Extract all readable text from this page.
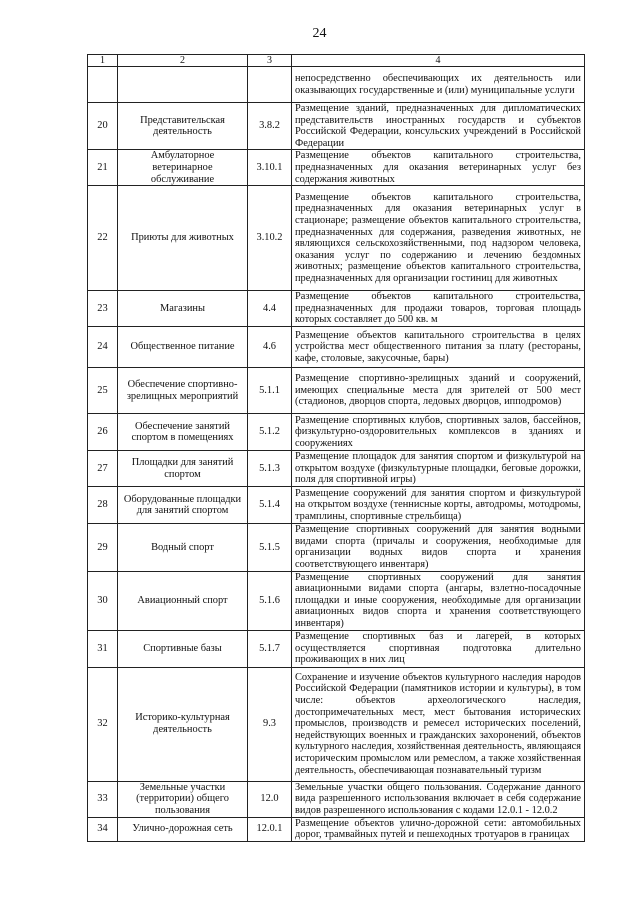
24
1	2	3	4
			непосредственно обеспечивающих их деятельность или оказывающих государственные и (или) муниципальные услуги
20	Представительская деятельность	3.8.2	Размещение зданий, предназначенных для дипломатических представительств иностранных государств и субъектов Российской Федерации, консульских учреждений в Российской Федерации
21	Амбулаторное ветеринарное обслуживание	3.10.1	Размещение объектов капитального строительства, предназначенных для оказания ветеринарных услуг без содержания животных
22	Приюты для животных	3.10.2	Размещение объектов капитального строительства, предназначенных для оказания ветеринарных услуг в стационаре; размещение объектов капитального строительства, предназначенных для содержания, разведения животных, не являющихся сельскохозяйственными, под надзором человека, оказания услуг по содержанию и лечению бездомных животных; размещение объектов капитального строительства, предназначенных для организации гостиниц для животных
23	Магазины	4.4	Размещение объектов капитального строительства, предназначенных для продажи товаров, торговая площадь которых составляет до 500 кв. м
24	Общественное питание	4.6	Размещение объектов капитального строительства в целях устройства мест общественного питания за плату (рестораны, кафе, столовые, закусочные, бары)
25	Обеспечение спортивно-зрелищных мероприятий	5.1.1	Размещение спортивно-зрелищных зданий и сооружений, имеющих специальные места для зрителей от 500 мест (стадионов, дворцов спорта, ледовых дворцов, ипподромов)
26	Обеспечение занятий спортом в помещениях	5.1.2	Размещение спортивных клубов, спортивных залов, бассейнов, физкультурно-оздоровительных комплексов в зданиях и сооружениях
27	Площадки для занятий спортом	5.1.3	Размещение площадок для занятия спортом и физкультурой на открытом воздухе (физкультурные площадки, беговые дорожки, поля для спортивной игры)
28	Оборудованные площадки для занятий спортом	5.1.4	Размещение сооружений для занятия спортом и физкультурой на открытом воздухе (теннисные корты, автодромы, мотодромы, трамплины, спортивные стрельбища)
29	Водный спорт	5.1.5	Размещение спортивных сооружений для занятия водными видами спорта (причалы и сооружения, необходимые для организации водных видов спорта и хранения соответствующего инвентаря)
30	Авиационный спорт	5.1.6	Размещение спортивных сооружений для занятия авиационными видами спорта (ангары, взлетно-посадочные площадки и иные сооружения, необходимые для организации авиационных видов спорта и хранения соответствующего инвентаря)
31	Спортивные базы	5.1.7	Размещение спортивных баз и лагерей, в которых осуществляется спортивная подготовка длительно проживающих в них лиц
32	Историко-культурная деятельность	9.3	Сохранение и изучение объектов культурного наследия народов Российской Федерации (памятников истории и культуры), в том числе: объектов археологического наследия, достопримечательных мест, мест бытования исторических промыслов, производств и ремесел исторических поселений, недействующих военных и гражданских захоронений, объектов культурного наследия, хозяйственная деятельность, являющаяся историческим промыслом или ремеслом, а также хозяйственная деятельность, обеспечивающая познавательный туризм
33	Земельные участки (территории) общего пользования	12.0	Земельные участки общего пользования. Содержание данного вида разрешенного использования включает в себя содержание видов разрешенного использования с кодами 12.0.1 - 12.0.2
34	Улично-дорожная сеть	12.0.1	Размещение объектов улично-дорожной сети: автомобильных дорог, трамвайных путей и пешеходных тротуаров в границах
